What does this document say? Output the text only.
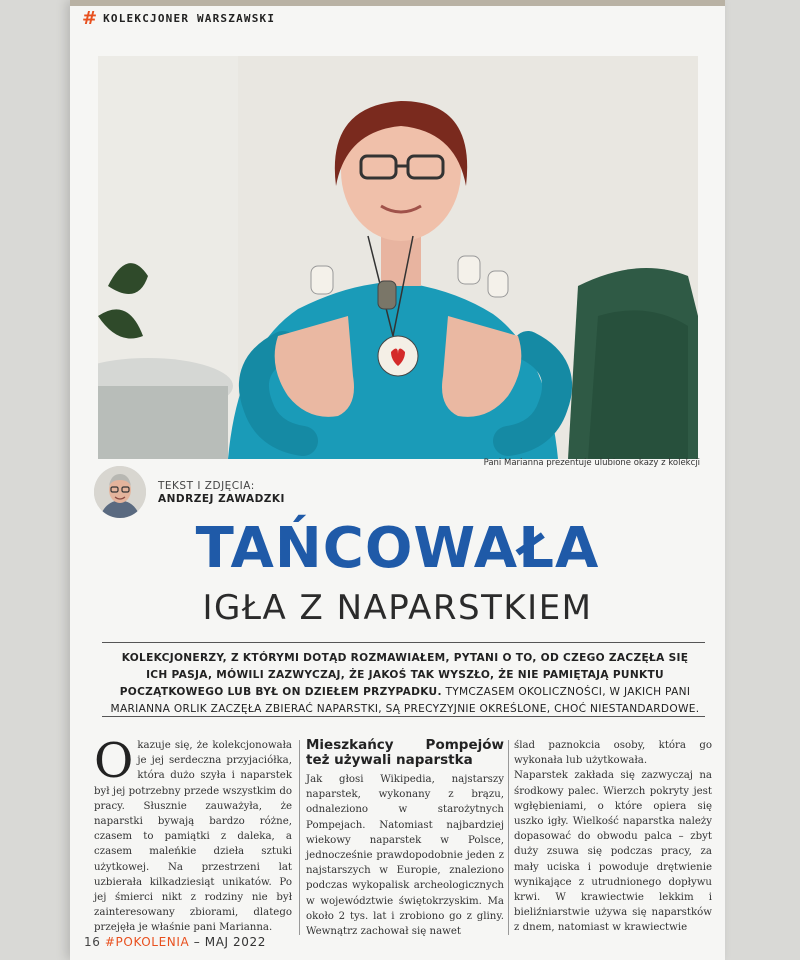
# KOLEKCJONER WARSZAWSKI
Pani Marianna prezentuje ulubione okazy z kolekcji
TEKST I ZDJĘCIA:
ANDRZEJ ZAWADZKI
TAŃCOWAŁA
IGŁA Z NAPARSTKIEM
KOLEKCJONERZY, Z KTÓRYMI DOTĄD ROZMAWIAŁEM, PYTANI O TO, OD CZEGO ZACZĘŁA SIĘ ICH PASJA, MÓWILI ZAZWYCZAJ, ŻE JAKOŚ TAK WYSZŁO, ŻE NIE PAMIĘTAJĄ PUNKTU POCZĄTKOWEGO LUB BYŁ ON DZIEŁEM PRZYPADKU. TYMCZASEM OKOLICZNOŚCI, W JAKICH PANI MARIANNA ORLIK ZACZĘŁA ZBIERAĆ NAPARSTKI, SĄ PRECYZYJNIE OKREŚLONE, CHOĆ NIESTANDARDOWE.
Okazuje się, że kolekcjonowała je jej serdeczna przyjaciółka, która dużo szyła i naparstek był jej potrzebny przede wszystkim do pracy. Słusznie zauważyła, że naparstki bywają bardzo różne, czasem to pamiątki z daleka, a czasem maleńkie dzieła sztuki użytkowej. Na przestrzeni lat uzbierała kilkadziesiąt unikatów. Po jej śmierci nikt z rodziny nie był zainteresowany zbiorami, dlatego przejęła je właśnie pani Marianna.
Mieszkańcy Pompejów też używali naparstka
Jak głosi Wikipedia, najstarszy naparstek, wykonany z brązu, odnaleziono w starożytnych Pompejach. Natomiast najbardziej wiekowy naparstek w Polsce, jednocześnie prawdopodobnie jeden z najstarszych w Europie, znaleziono podczas wykopalisk archeologicznych w województwie świętokrzyskim. Ma około 2 tys. lat i zrobiono go z gliny. Wewnątrz zachował się nawet
ślad paznokcia osoby, która go wykonała lub użytkowała.
Naparstek zakłada się zazwyczaj na środkowy palec. Wierzch pokryty jest wgłębieniami, o które opiera się uszko igły. Wielkość naparstka należy dopasować do obwodu palca – zbyt duży zsuwa się podczas pracy, za mały uciska i powoduje drętwienie wynikające z utrudnionego dopływu krwi. W krawiectwie lekkim i bieliźniarstwie używa się naparstków z dnem, natomiast w krawiectwie
16 #POKOLENIA – MAJ 2022
